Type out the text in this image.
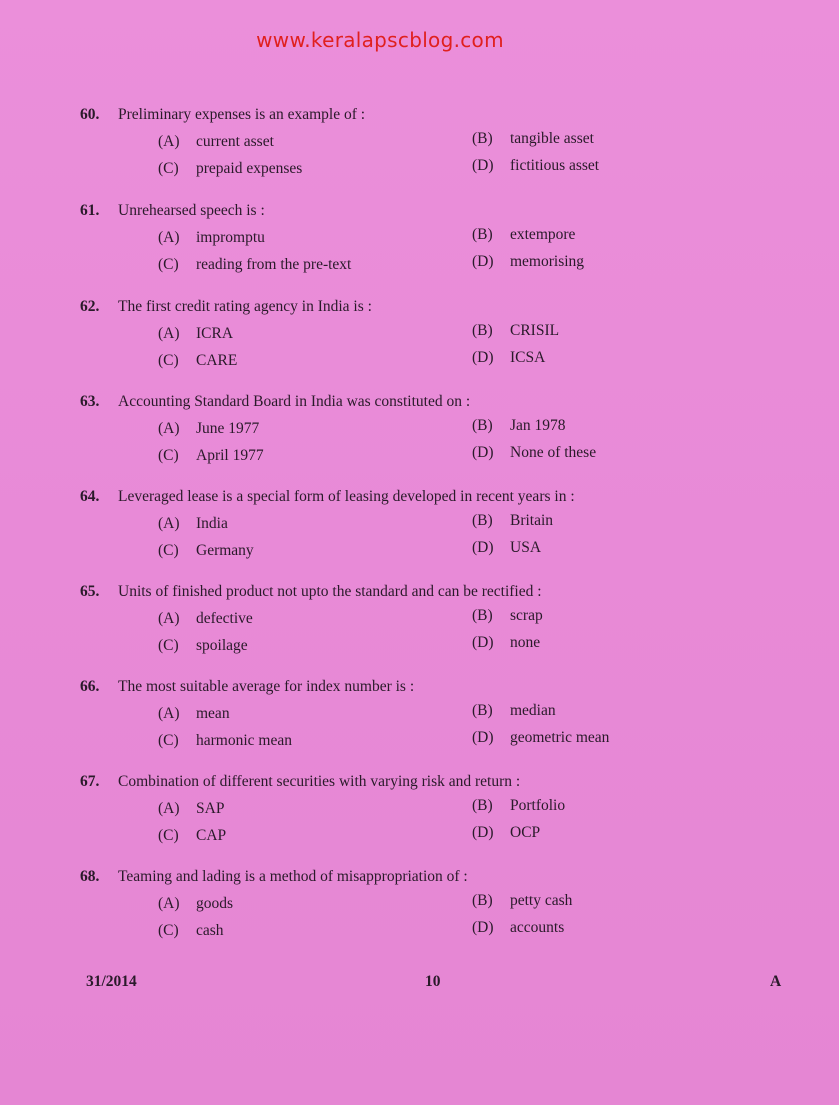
www.keralapscblog.com
60. Preliminary expenses is an example of :
(A) current asset	(B) tangible asset
(C) prepaid expenses	(D) fictitious asset
61. Unrehearsed speech is :
(A) impromptu	(B) extempore
(C) reading from the pre-text	(D) memorising
62. The first credit rating agency in India is :
(A) ICRA	(B) CRISIL
(C) CARE	(D) ICSA
63. Accounting Standard Board in India was constituted on :
(A) June 1977	(B) Jan 1978
(C) April 1977	(D) None of these
64. Leveraged lease is a special form of leasing developed in recent years in :
(A) India	(B) Britain
(C) Germany	(D) USA
65. Units of finished product not upto the standard and can be rectified :
(A) defective	(B) scrap
(C) spoilage	(D) none
66. The most suitable average for index number is :
(A) mean	(B) median
(C) harmonic mean	(D) geometric mean
67. Combination of different securities with varying risk and return :
(A) SAP	(B) Portfolio
(C) CAP	(D) OCP
68. Teaming and lading is a method of misappropriation of :
(A) goods	(B) petty cash
(C) cash	(D) accounts
31/2014	10	A
